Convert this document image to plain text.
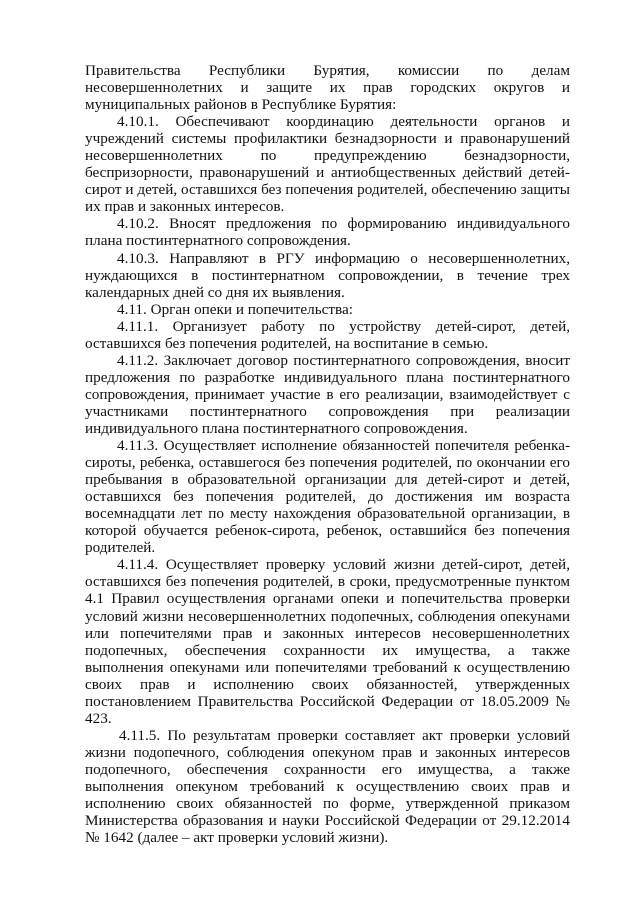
Правительства Республики Бурятия, комиссии по делам несовершеннолетних и защите их прав городских округов и муниципальных районов в Республике Бурятия:

4.10.1. Обеспечивают координацию деятельности органов и учреждений системы профилактики безнадзорности и правонарушений несовершеннолетних по предупреждению безнадзорности, беспризорности, правонарушений и антиобщественных действий детей-сирот и детей, оставшихся без попечения родителей, обеспечению защиты их прав и законных интересов.

4.10.2. Вносят предложения по формированию индивидуального плана постинтернатного сопровождения.

4.10.3. Направляют в РГУ информацию о несовершеннолетних, нуждающихся в постинтернатном сопровождении, в течение трех календарных дней со дня их выявления.

4.11. Орган опеки и попечительства:

4.11.1. Организует работу по устройству детей-сирот, детей, оставшихся без попечения родителей, на воспитание в семью.

4.11.2. Заключает договор постинтернатного сопровождения, вносит предложения по разработке индивидуального плана постинтернатного сопровождения, принимает участие в его реализации, взаимодействует с участниками постинтернатного сопровождения при реализации индивидуального плана постинтернатного сопровождения.

4.11.3. Осуществляет исполнение обязанностей попечителя ребенка-сироты, ребенка, оставшегося без попечения родителей, по окончании его пребывания в образовательной организации для детей-сирот и детей, оставшихся без попечения родителей, до достижения им возраста восемнадцати лет по месту нахождения образовательной организации, в которой обучается ребенок-сирота, ребенок, оставшийся без попечения родителей.

4.11.4. Осуществляет проверку условий жизни детей-сирот, детей, оставшихся без попечения родителей, в сроки, предусмотренные пунктом 4.1 Правил осуществления органами опеки и попечительства проверки условий жизни несовершеннолетних подопечных, соблюдения опекунами или попечителями прав и законных интересов несовершеннолетних подопечных, обеспечения сохранности их имущества, а также выполнения опекунами или попечителями требований к осуществлению своих прав и исполнению своих обязанностей, утвержденных постановлением Правительства Российской Федерации от 18.05.2009 № 423.

4.11.5. По результатам проверки составляет акт проверки условий жизни подопечного, соблюдения опекуном прав и законных интересов подопечного, обеспечения сохранности его имущества, а также выполнения опекуном требований к осуществлению своих прав и исполнению своих обязанностей по форме, утвержденной приказом Министерства образования и науки Российской Федерации от 29.12.2014 № 1642 (далее – акт проверки условий жизни).
